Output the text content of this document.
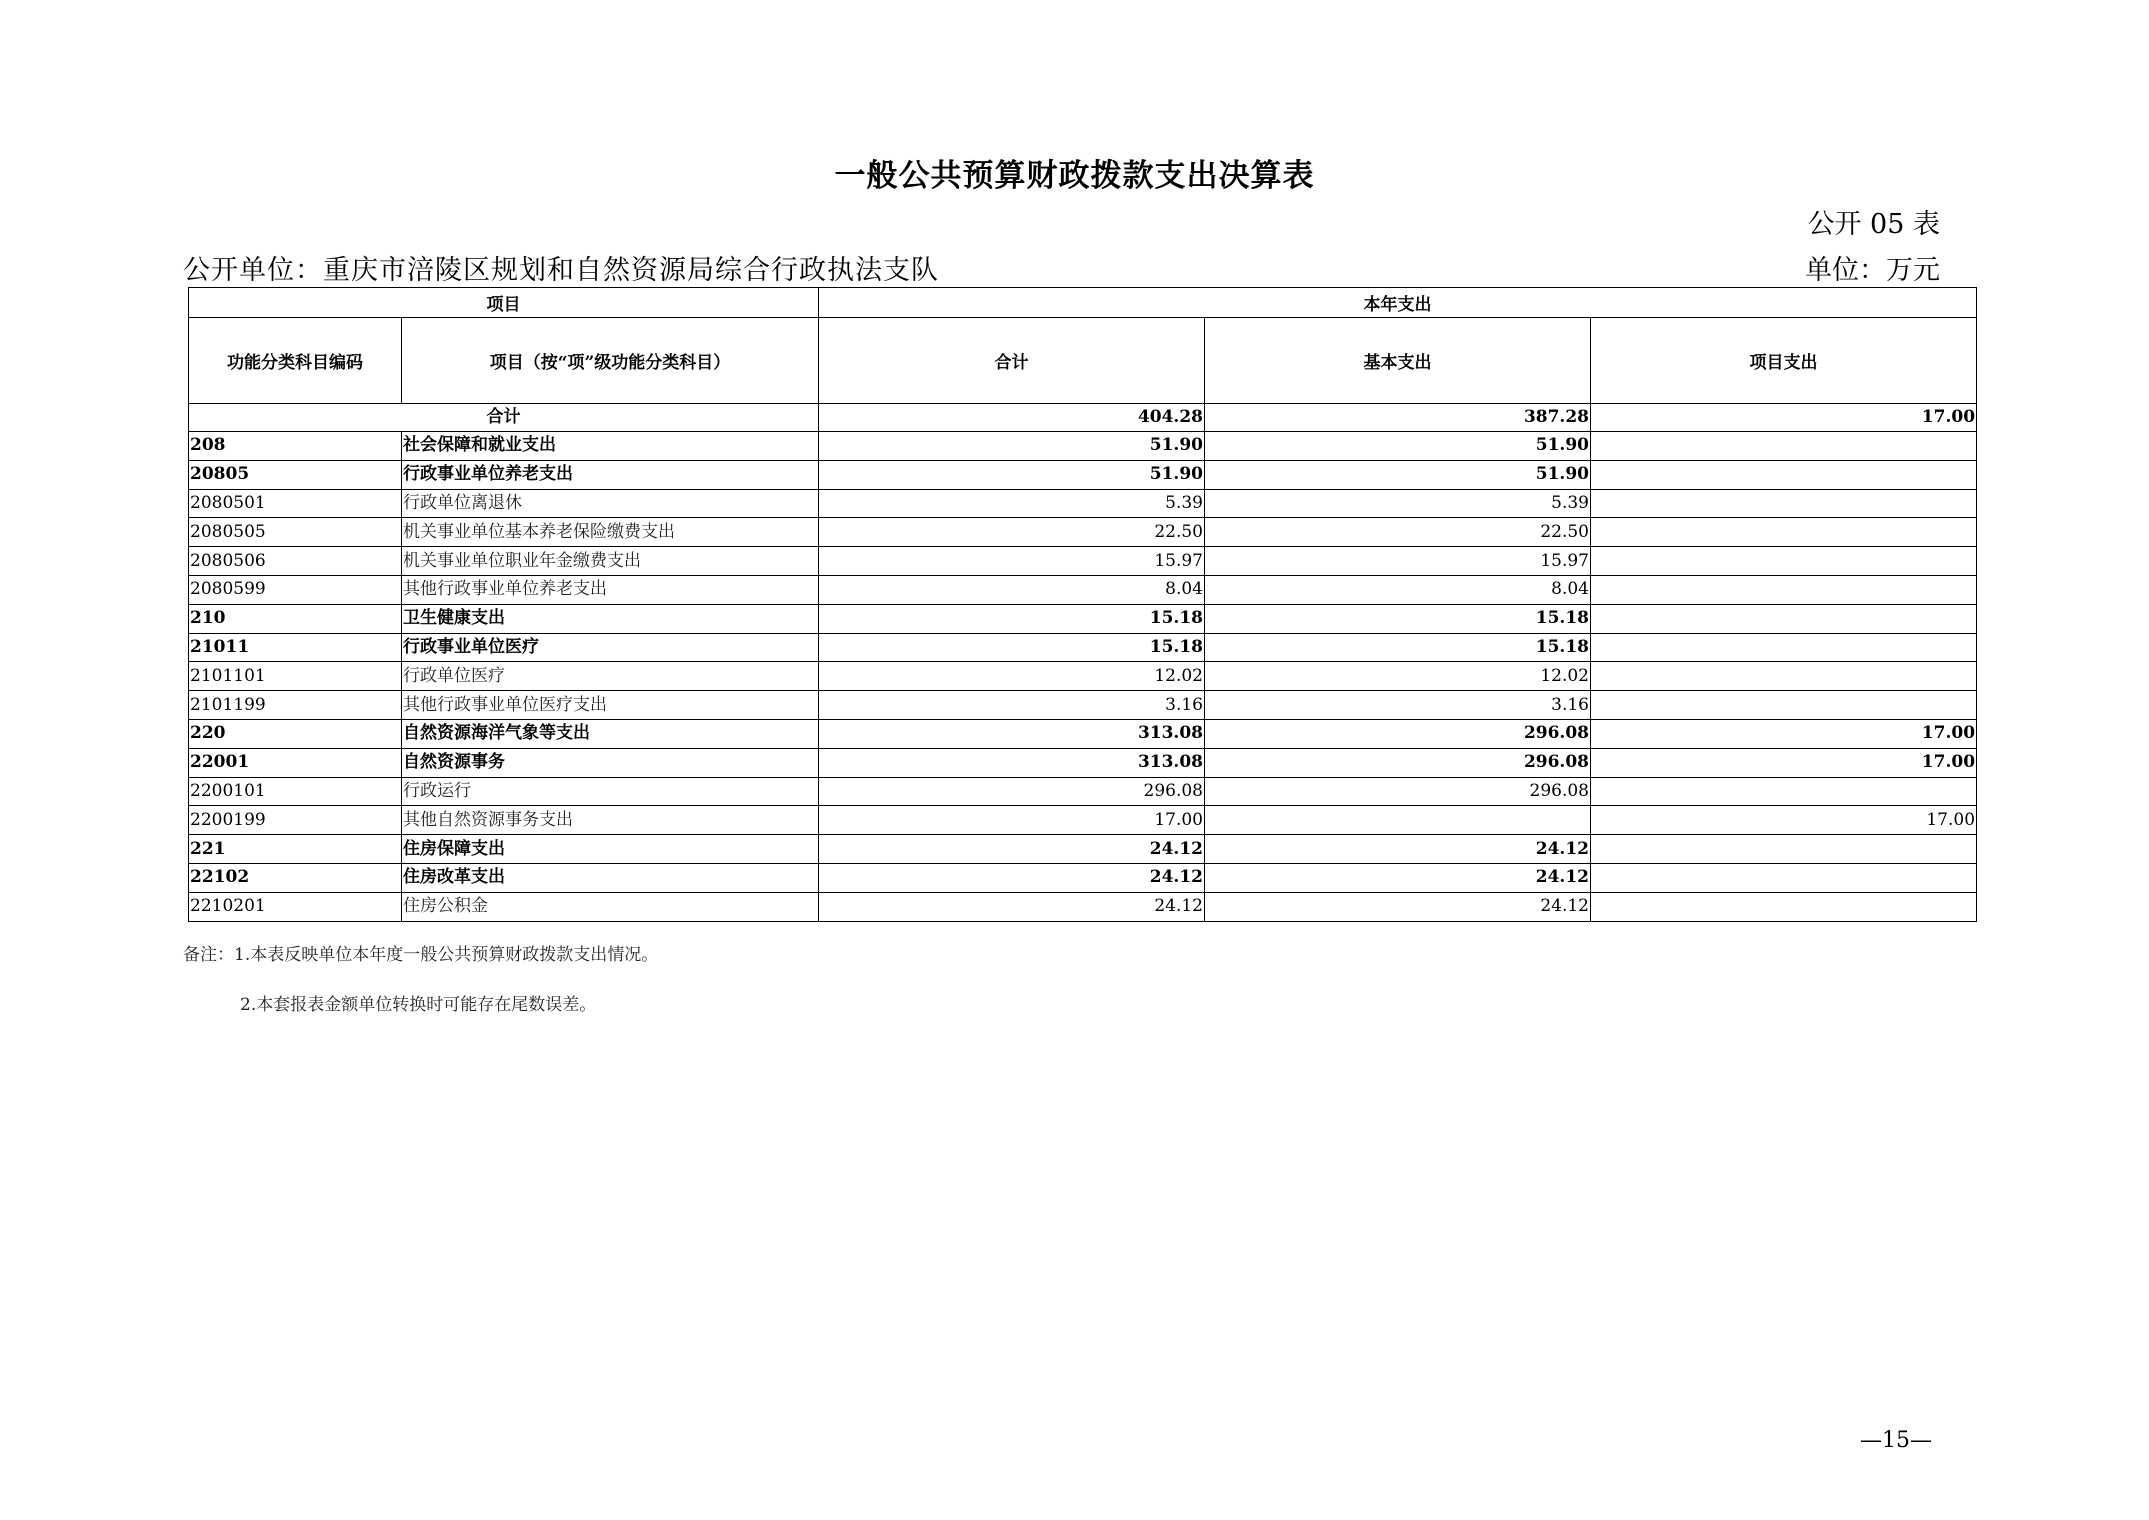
一般公共预算财政拨款支出决算表
公开 05 表
公开单位：重庆市涪陵区规划和自然资源局综合行政执法支队	单位：万元
项目		本年支出		
功能分类科目编码	项目（按“项”级功能分类科目）	合计	基本支出	项目支出
合计		404.28	387.28	17.00
208	社会保障和就业支出	51.90	51.90	
20805	行政事业单位养老支出	51.90	51.90	
2080501	行政单位离退休	5.39	5.39	
2080505	机关事业单位基本养老保险缴费支出	22.50	22.50	
2080506	机关事业单位职业年金缴费支出	15.97	15.97	
2080599	其他行政事业单位养老支出	8.04	8.04	
210	卫生健康支出	15.18	15.18	
21011	行政事业单位医疗	15.18	15.18	
2101101	行政单位医疗	12.02	12.02	
2101199	其他行政事业单位医疗支出	3.16	3.16	
220	自然资源海洋气象等支出	313.08	296.08	17.00
22001	自然资源事务	313.08	296.08	17.00
2200101	行政运行	296.08	296.08	
2200199	其他自然资源事务支出	17.00		17.00
221	住房保障支出	24.12	24.12	
22102	住房改革支出	24.12	24.12	
2210201	住房公积金	24.12	24.12	
备注：1.本表反映单位本年度一般公共预算财政拨款支出情况。
2.本套报表金额单位转换时可能存在尾数误差。
—15—
